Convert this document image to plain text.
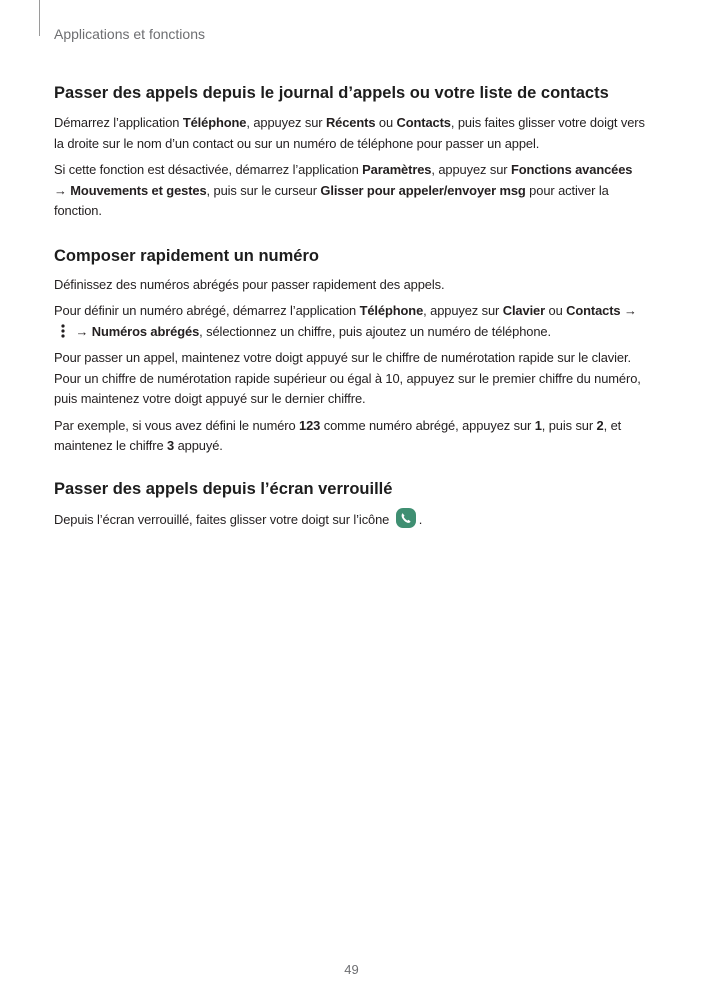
Applications et fonctions
Passer des appels depuis le journal d’appels ou votre liste de contacts

Démarrez l’application Téléphone, appuyez sur Récents ou Contacts, puis faites glisser votre doigt vers la droite sur le nom d’un contact ou sur un numéro de téléphone pour passer un appel.

Si cette fonction est désactivée, démarrez l’application Paramètres, appuyez sur Fonctions avancées → Mouvements et gestes, puis sur le curseur Glisser pour appeler/envoyer msg pour activer la fonction.

Composer rapidement un numéro

Définissez des numéros abrégés pour passer rapidement des appels.

Pour définir un numéro abrégé, démarrez l’application Téléphone, appuyez sur Clavier ou Contacts →  → Numéros abrégés, sélectionnez un chiffre, puis ajoutez un numéro de téléphone.

Pour passer un appel, maintenez votre doigt appuyé sur le chiffre de numérotation rapide sur le clavier. Pour un chiffre de numérotation rapide supérieur ou égal à 10, appuyez sur le premier chiffre du numéro, puis maintenez votre doigt appuyé sur le dernier chiffre.

Par exemple, si vous avez défini le numéro 123 comme numéro abrégé, appuyez sur 1, puis sur 2, et maintenez le chiffre 3 appuyé.

Passer des appels depuis l’écran verrouillé

Depuis l’écran verrouillé, faites glisser votre doigt sur l’icône
.

49
